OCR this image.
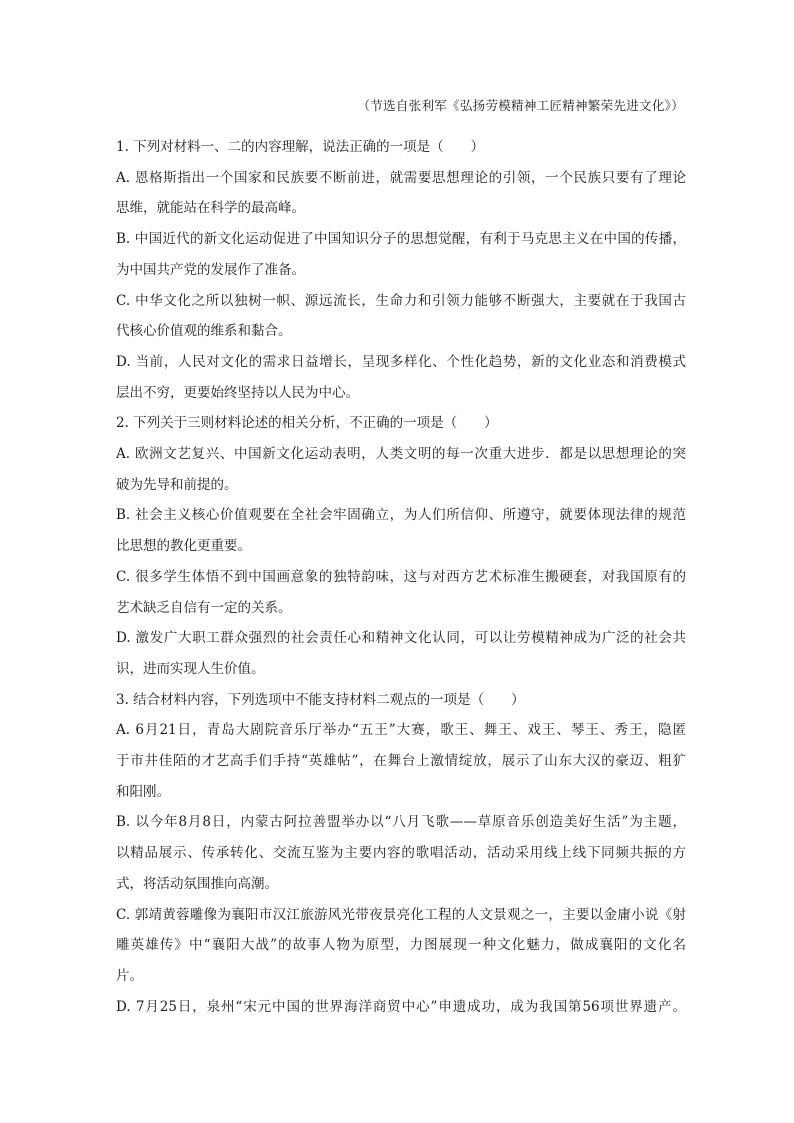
（节选自张利军《弘扬劳模精神工匠精神繁荣先进文化》）
1. 下列对材料一、二的内容理解，说法正确的一项是（　　）
A. 恩格斯指出一个国家和民族要不断前进，就需要思想理论的引领，一个民族只要有了理论
思维，就能站在科学的最高峰。
B. 中国近代的新文化运动促进了中国知识分子的思想觉醒，有利于马克思主义在中国的传播，
为中国共产党的发展作了准备。
C. 中华文化之所以独树一帜、源远流长，生命力和引领力能够不断强大，主要就在于我国古
代核心价值观的维系和黏合。
D. 当前，人民对文化的需求日益增长，呈现多样化、个性化趋势，新的文化业态和消费模式
层出不穷，更要始终坚持以人民为中心。
2. 下列关于三则材料论述的相关分析，不正确的一项是（　　）
A. 欧洲文艺复兴、中国新文化运动表明，人类文明的每一次重大进步．都是以思想理论的突
破为先导和前提的。
B. 社会主义核心价值观要在全社会牢固确立，为人们所信仰、所遵守，就要体现法律的规范
比思想的教化更重要。
C. 很多学生体悟不到中国画意象的独特韵味，这与对西方艺术标准生搬硬套，对我国原有的
艺术缺乏自信有一定的关系。
D. 激发广大职工群众强烈的社会责任心和精神文化认同，可以让劳模精神成为广泛的社会共
识，进而实现人生价值。
3. 结合材料内容，下列选项中不能支持材料二观点的一项是（　　）
A. 6月21日，青岛大剧院音乐厅举办“五王”大赛，歌王、舞王、戏王、琴王、秀王，隐匿
于市井佳陌的才艺高手们手持“英雄帖”，在舞台上激情绽放，展示了山东大汉的豪迈、粗犷
和阳刚。
B. 以今年8月8日，内蒙古阿拉善盟举办以“八月飞歌——草原音乐创造美好生活”为主题，
以精品展示、传承转化、交流互鉴为主要内容的歌唱活动，活动采用线上线下同频共振的方
式，将活动氛围推向高潮。
C. 郭靖黄蓉雕像为襄阳市汉江旅游风光带夜景亮化工程的人文景观之一，主要以金庸小说《射
雕英雄传》中“襄阳大战”的故事人物为原型，力图展现一种文化魅力，做成襄阳的文化名
片。
D. 7月25日，泉州“宋元中国的世界海洋商贸中心”申遗成功，成为我国第56项世界遗产。
